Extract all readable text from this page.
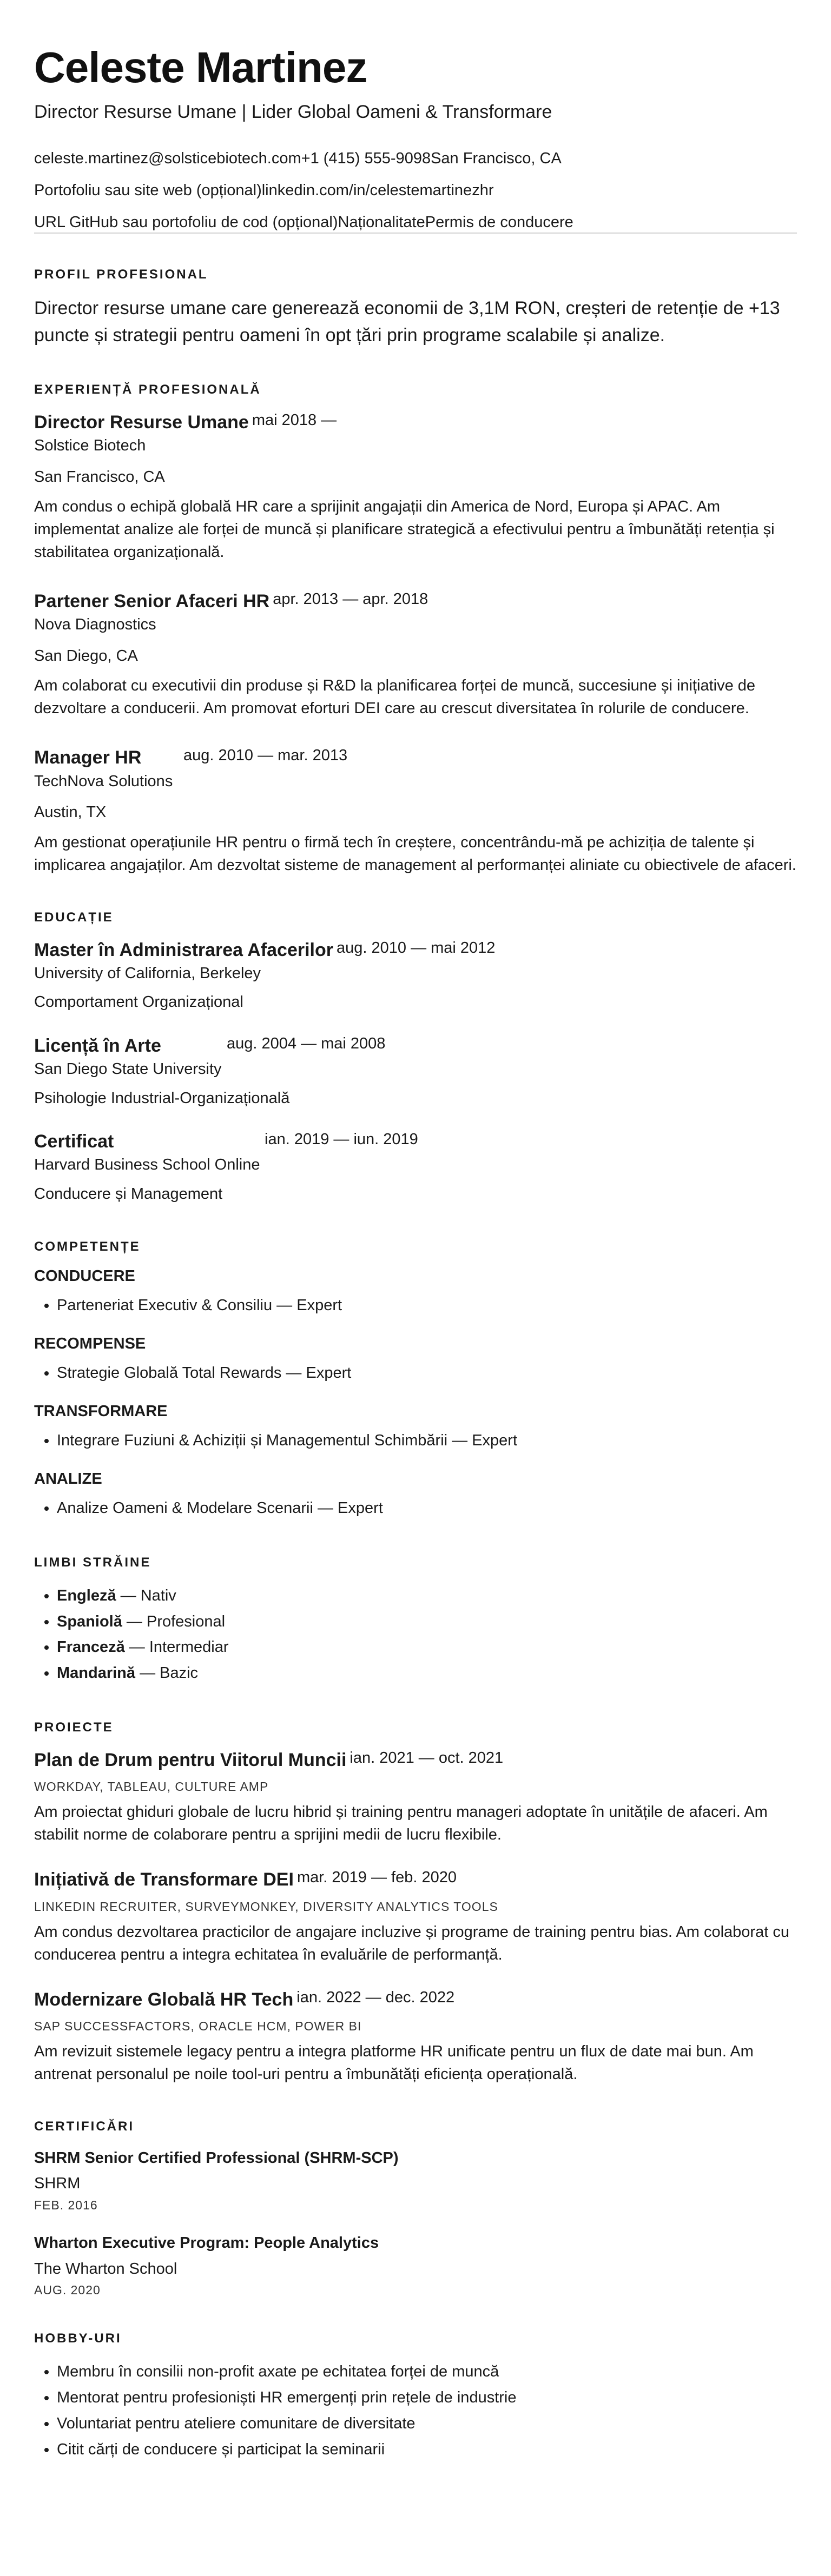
Celeste Martinez
Director Resurse Umane | Lider Global Oameni & Transformare
celeste.martinez@solsticebiotech.com+1 (415) 555-9098San Francisco, CA
Portofoliu sau site web (opțional)linkedin.com/in/celestemartinezhr
URL GitHub sau portofoliu de cod (opțional)NaționalitatePermis de conducere
PROFIL PROFESIONAL

Director resurse umane care generează economii de 3,1M RON, creșteri de retenție de +13 puncte și strategii pentru oameni în opt țări prin programe scalabile și analize.

EXPERIENȚĂ PROFESIONALĂ
Director Resurse Umane mai 2018 —
Solstice Biotech
San Francisco, CA
Am condus o echipă globală HR care a sprijinit angajații din America de Nord, Europa și APAC. Am implementat analize ale forței de muncă și planificare strategică a efectivului pentru a îmbunătăți retenția și stabilitatea organizațională.
Partener Senior Afaceri HR apr. 2013 — apr. 2018
Nova Diagnostics
San Diego, CA
Am colaborat cu executivii din produse și R&D la planificarea forței de muncă, succesiune și inițiative de dezvoltare a conducerii. Am promovat eforturi DEI care au crescut diversitatea în rolurile de conducere.
Manager HR	aug. 2010 — mar. 2013
TechNova Solutions
Austin, TX
Am gestionat operațiunile HR pentru o firmă tech în creștere, concentrându-mă pe achiziția de talente și implicarea angajaților. Am dezvoltat sisteme de management al performanței aliniate cu obiectivele de afaceri.
EDUCAȚIE
Master în Administrarea Afacerilor aug. 2010 — mai 2012
University of California, Berkeley
Comportament Organizațional
Licență în Arte	aug. 2004 — mai 2008
San Diego State University
Psihologie Industrial-Organizațională
Certificat	ian. 2019 — iun. 2019
Harvard Business School Online
Conducere și Management
COMPETENȚE
CONDUCERE
• Parteneriat Executiv & Consiliu — Expert
RECOMPENSE
• Strategie Globală Total Rewards — Expert
TRANSFORMARE
• Integrare Fuziuni & Achiziții și Managementul Schimbării — Expert
ANALIZE
• Analize Oameni & Modelare Scenarii — Expert
LIMBI STRĂINE
• Engleză — Nativ
• Spaniolă — Profesional
• Franceză — Intermediar
• Mandarină — Bazic
PROIECTE
Plan de Drum pentru Viitorul Muncii ian. 2021 — oct. 2021
WORKDAY, TABLEAU, CULTURE AMP
Am proiectat ghiduri globale de lucru hibrid și training pentru manageri adoptate în unitățile de afaceri. Am stabilit norme de colaborare pentru a sprijini medii de lucru flexibile.
Inițiativă de Transformare DEI mar. 2019 — feb. 2020
LINKEDIN RECRUITER, SURVEYMONKEY, DIVERSITY ANALYTICS TOOLS
Am condus dezvoltarea practicilor de angajare incluzive și programe de training pentru bias. Am colaborat cu conducerea pentru a integra echitatea în evaluările de performanță.
Modernizare Globală HR Tech ian. 2022 — dec. 2022
SAP SUCCESSFACTORS, ORACLE HCM, POWER BI
Am revizuit sistemele legacy pentru a integra platforme HR unificate pentru un flux de date mai bun. Am antrenat personalul pe noile tool-uri pentru a îmbunătăți eficiența operațională.
CERTIFICĂRI
SHRM Senior Certified Professional (SHRM-SCP)
SHRM
FEB. 2016
Wharton Executive Program: People Analytics
The Wharton School
AUG. 2020
HOBBY-URI
• Membru în consilii non-profit axate pe echitatea forței de muncă
• Mentorat pentru profesioniști HR emergenți prin rețele de industrie
• Voluntariat pentru ateliere comunitare de diversitate
• Citit cărți de conducere și participat la seminarii
